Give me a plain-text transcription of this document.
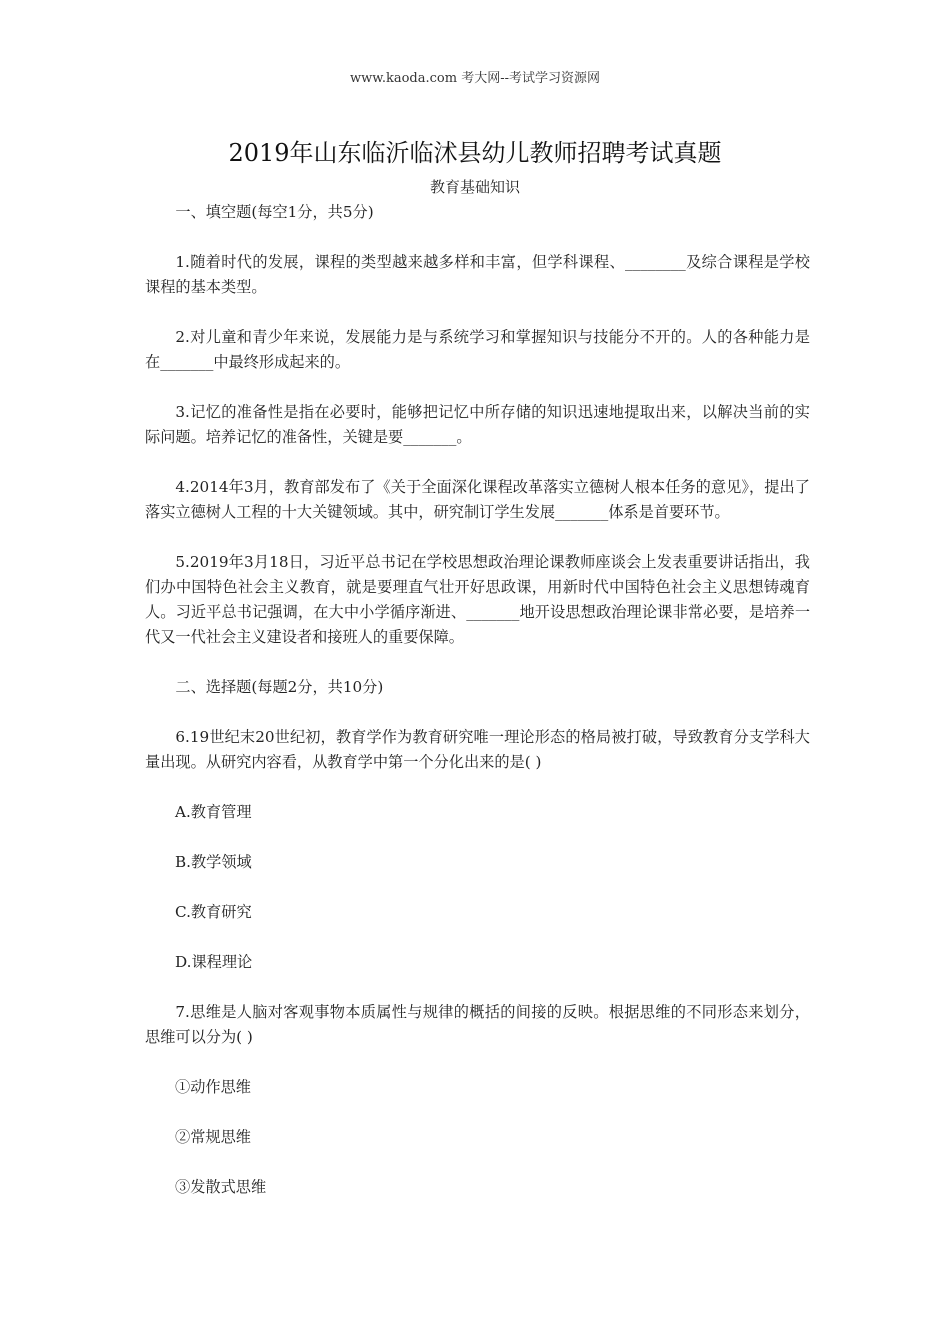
www.kaoda.com 考大网--考试学习资源网
2019年山东临沂临沭县幼儿教师招聘考试真题
教育基础知识

一、填空题(每空1分，共5分)

1.随着时代的发展，课程的类型越来越多样和丰富，但学科课程、________及综合课程是学校课程的基本类型。

2.对儿童和青少年来说，发展能力是与系统学习和掌握知识与技能分不开的。人的各种能力是在_______中最终形成起来的。

3.记忆的准备性是指在必要时，能够把记忆中所存储的知识迅速地提取出来，以解决当前的实际问题。培养记忆的准备性，关键是要_______。

4.2014年3月，教育部发布了《关于全面深化课程改革落实立德树人根本任务的意见》，提出了落实立德树人工程的十大关键领域。其中，研究制订学生发展_______体系是首要环节。

5.2019年3月18日，习近平总书记在学校思想政治理论课教师座谈会上发表重要讲话指出，我们办中国特色社会主义教育，就是要理直气壮开好思政课，用新时代中国特色社会主义思想铸魂育人。习近平总书记强调，在大中小学循序渐进、_______地开设思想政治理论课非常必要，是培养一代又一代社会主义建设者和接班人的重要保障。

二、选择题(每题2分，共10分)

6.19世纪末20世纪初，教育学作为教育研究唯一理论形态的格局被打破，导致教育分支学科大量出现。从研究内容看，从教育学中第一个分化出来的是( )

A.教育管理

B.教学领域

C.教育研究

D.课程理论

7.思维是人脑对客观事物本质属性与规律的概括的间接的反映。根据思维的不同形态来划分，思维可以分为( )

①动作思维

②常规思维

③发散式思维
